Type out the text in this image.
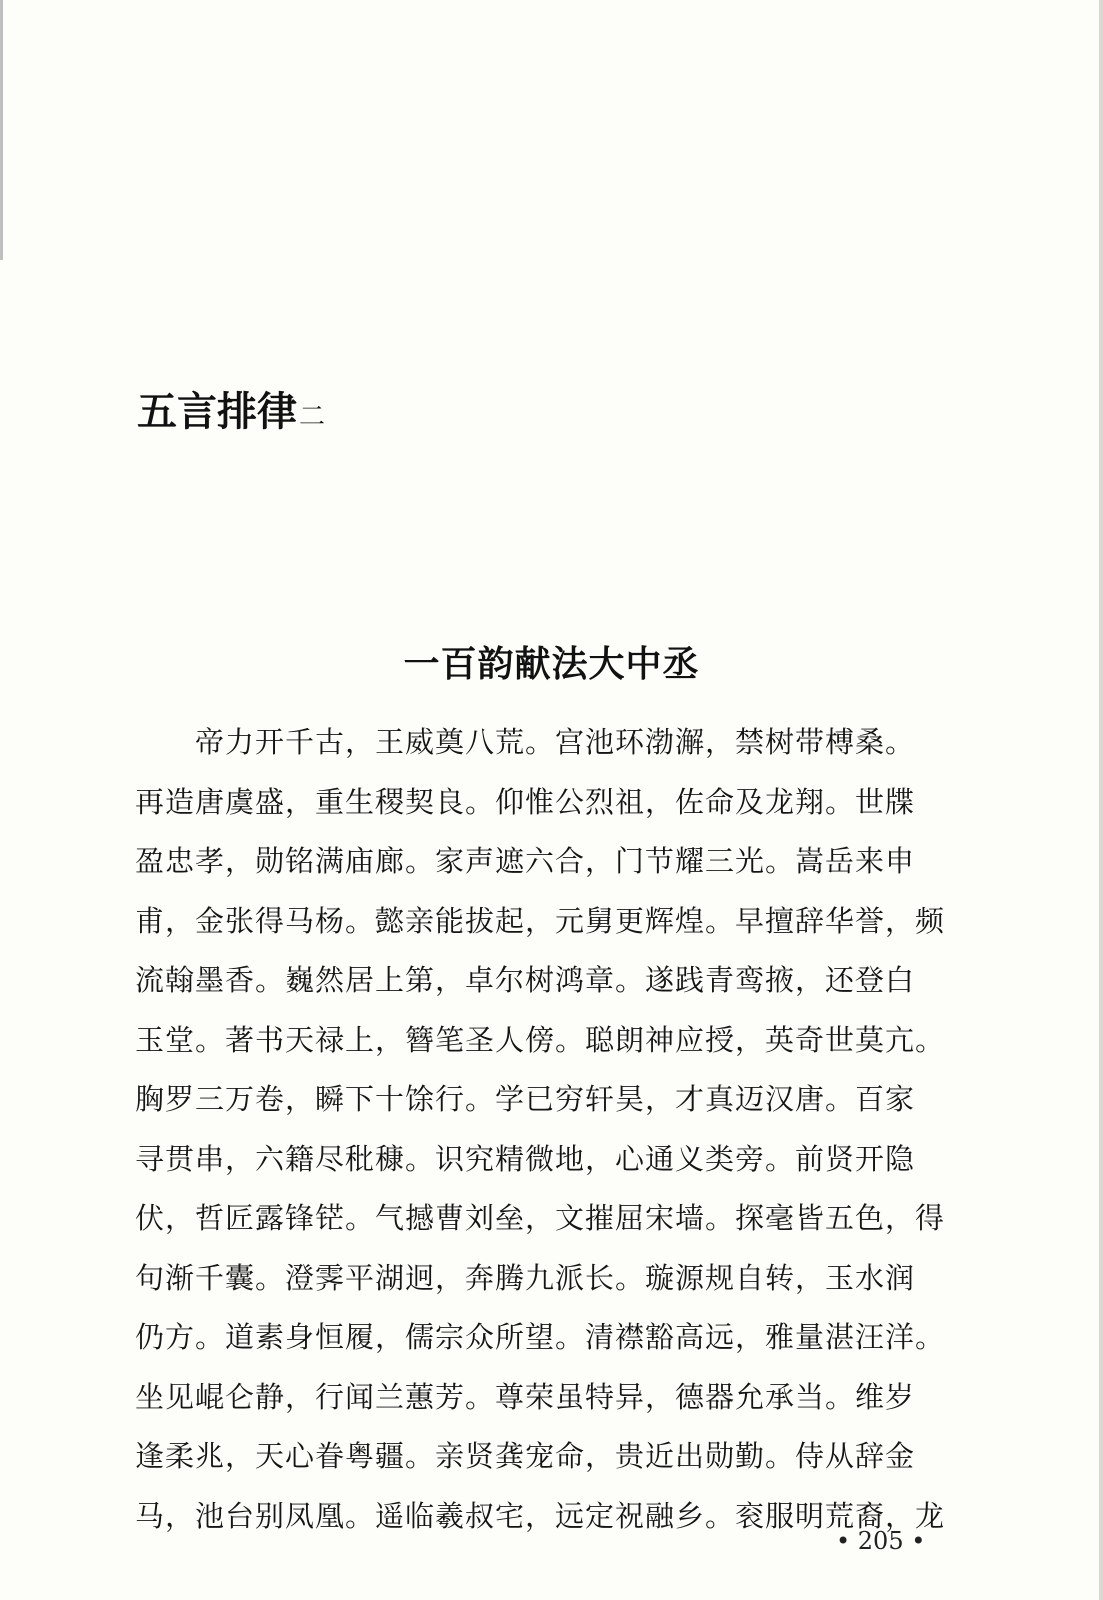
五言排律二
一百韵献法大中丞
帝力开千古，王威奠八荒。宫池环渤澥，禁树带榑桑。
再造唐虞盛，重生稷契良。仰惟公烈祖，佐命及龙翔。世牒
盈忠孝，勋铭满庙廊。家声遮六合，门节耀三光。嵩岳来申
甫，金张得马杨。懿亲能拔起，元舅更辉煌。早擅辞华誉，频
流翰墨香。巍然居上第，卓尔树鸿章。遂践青鸾掖，还登白
玉堂。著书天禄上，簪笔圣人傍。聪朗神应授，英奇世莫亢。
胸罗三万卷，瞬下十馀行。学已穷轩昊，才真迈汉唐。百家
寻贯串，六籍尽秕穅。识究精微地，心通义类旁。前贤开隐
伏，哲匠露锋铓。气撼曹刘垒，文摧屈宋墙。探毫皆五色，得
句渐千囊。澄霁平湖迥，奔腾九派长。璇源规自转，玉水润
仍方。道素身恒履，儒宗众所望。清襟豁高远，雅量湛汪洋。
坐见崐仑静，行闻兰蕙芳。尊荣虽特异，德器允承当。维岁
逢柔兆，天心眷粤疆。亲贤龚宠命，贵近出勋勤。侍从辞金
马，池台别凤凰。遥临羲叔宅，远定祝融乡。衮服明荒裔，龙
• 205 •
